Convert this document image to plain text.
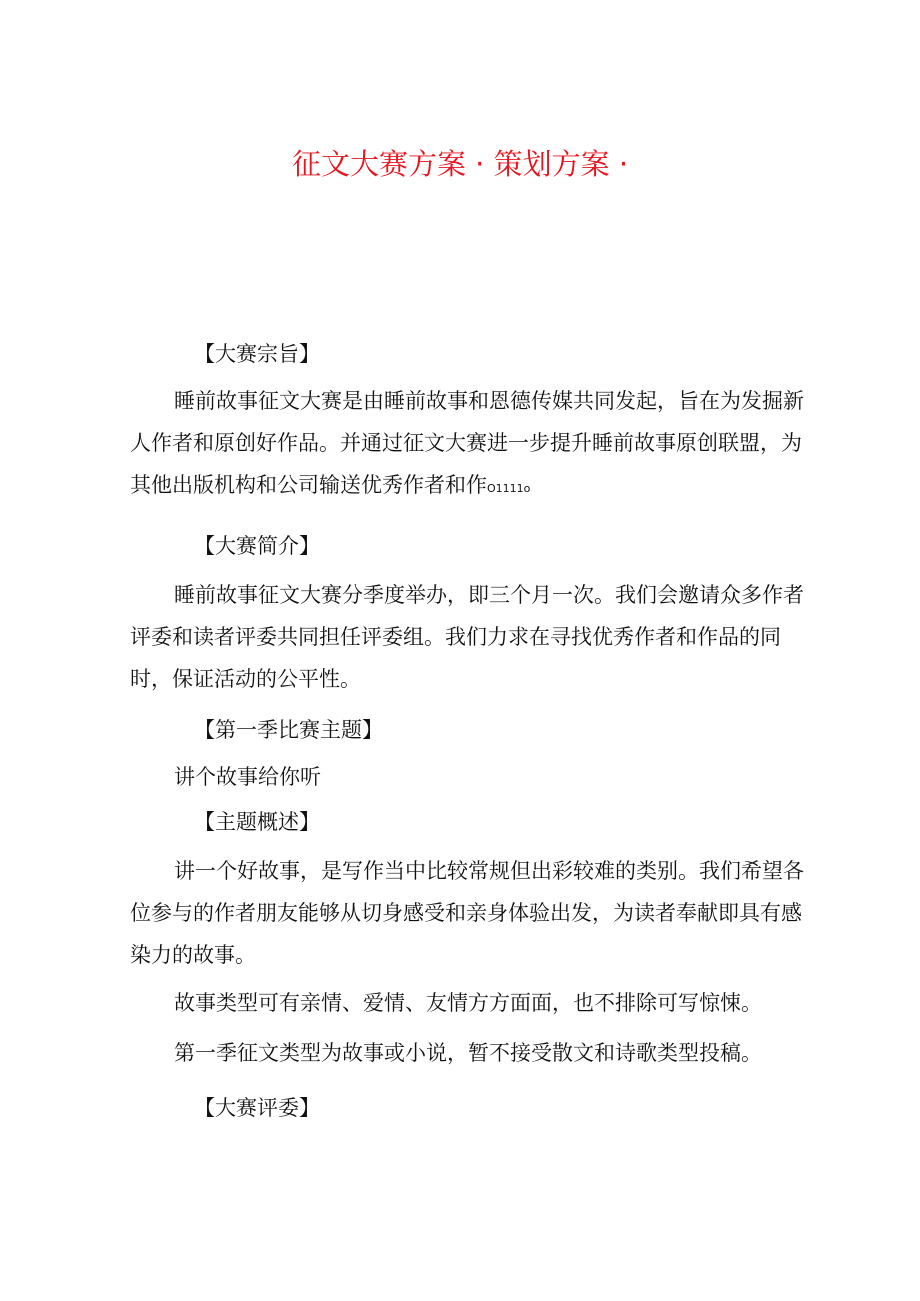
征文大赛方案 · 策划方案 ·
【大赛宗旨】

睡前故事征文大赛是由睡前故事和恩德传媒共同发起，旨在为发掘新人作者和原创好作品。并通过征文大赛进一步提升睡前故事原创联盟，为其他出版机构和公司输送优秀作者和作O1111o

【大赛简介】

睡前故事征文大赛分季度举办，即三个月一次。我们会邀请众多作者评委和读者评委共同担任评委组。我们力求在寻找优秀作者和作品的同时，保证活动的公平性。

【第一季比赛主题】

讲个故事给你听

【主题概述】

讲一个好故事，是写作当中比较常规但出彩较难的类别。我们希望各位参与的作者朋友能够从切身感受和亲身体验出发，为读者奉献即具有感染力的故事。

故事类型可有亲情、爱情、友情方方面面，也不排除可写惊悚。

第一季征文类型为故事或小说，暂不接受散文和诗歌类型投稿。

【大赛评委】
